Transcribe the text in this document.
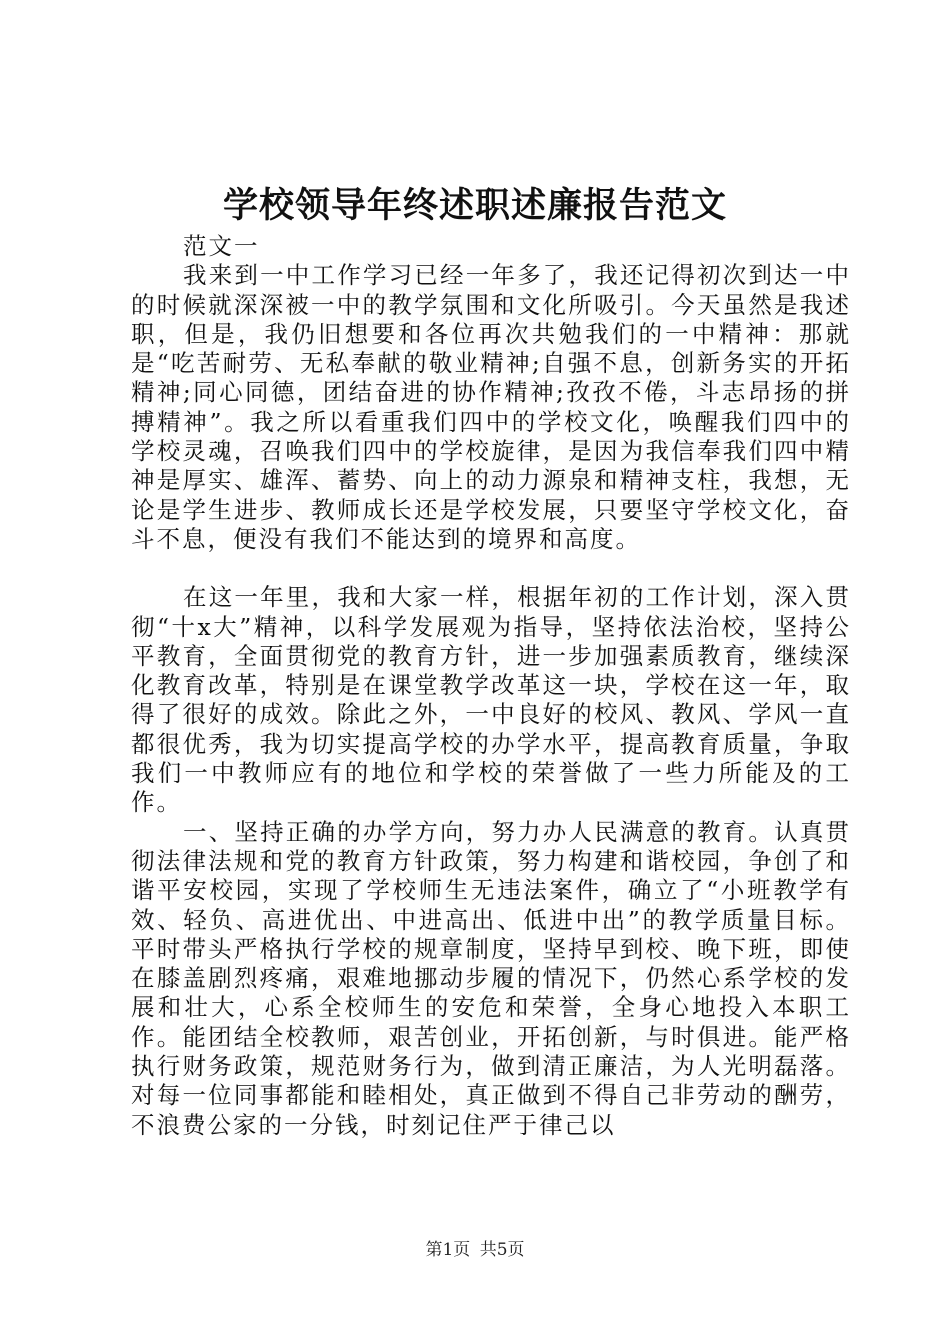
学校领导年终述职述廉报告范文

范文一

我来到一中工作学习已经一年多了，我还记得初次到达一中的时候就深深被一中的教学氛围和文化所吸引。今天虽然是我述职，但是，我仍旧想要和各位再次共勉我们的一中精神：那就是“吃苦耐劳、无私奉献的敬业精神;自强不息，创新务实的开拓精神;同心同德，团结奋进的协作精神;孜孜不倦，斗志昂扬的拼搏精神”。我之所以看重我们四中的学校文化，唤醒我们四中的学校灵魂，召唤我们四中的学校旋律，是因为我信奉我们四中精神是厚实、雄浑、蓄势、向上的动力源泉和精神支柱，我想，无论是学生进步、教师成长还是学校发展，只要坚守学校文化，奋斗不息，便没有我们不能达到的境界和高度。

在这一年里，我和大家一样，根据年初的工作计划，深入贯彻“十x大”精神，以科学发展观为指导，坚持依法治校，坚持公平教育，全面贯彻党的教育方针，进一步加强素质教育，继续深化教育改革，特别是在课堂教学改革这一块，学校在这一年，取得了很好的成效。除此之外，一中良好的校风、教风、学风一直都很优秀，我为切实提高学校的办学水平，提高教育质量，争取我们一中教师应有的地位和学校的荣誉做了一些力所能及的工作。

一、坚持正确的办学方向，努力办人民满意的教育。认真贯彻法律法规和党的教育方针政策，努力构建和谐校园，争创了和谐平安校园，实现了学校师生无违法案件，确立了“小班教学有效、轻负、高进优出、中进高出、低进中出”的教学质量目标。平时带头严格执行学校的规章制度，坚持早到校、晚下班，即使在膝盖剧烈疼痛，艰难地挪动步履的情况下，仍然心系学校的发展和壮大，心系全校师生的安危和荣誉，全身心地投入本职工作。能团结全校教师，艰苦创业，开拓创新，与时俱进。能严格执行财务政策，规范财务行为，做到清正廉洁，为人光明磊落。对每一位同事都能和睦相处，真正做到不得自己非劳动的酬劳，不浪费公家的一分钱，时刻记住严于律己以

第1页 共5页
